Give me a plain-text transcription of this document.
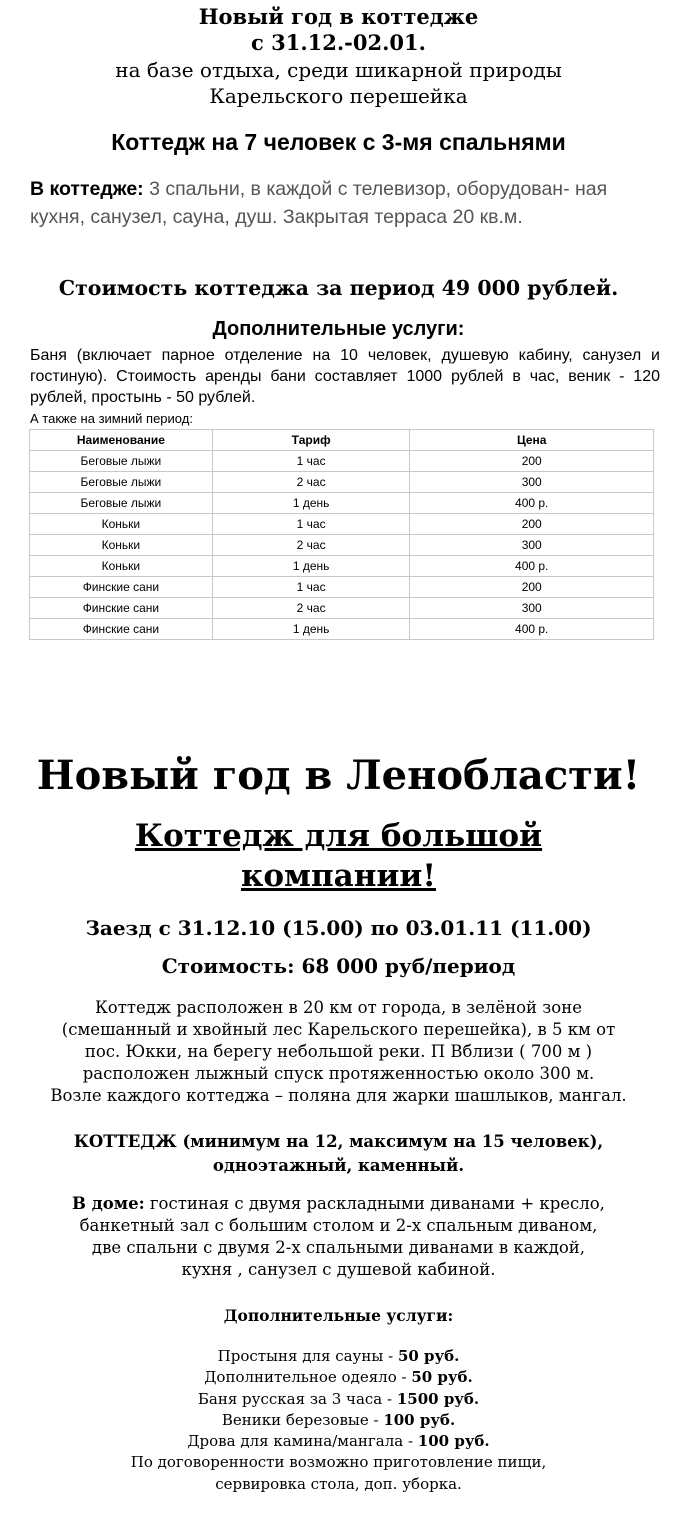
Новый год в коттедже
с 31.12.-02.01.
на базе отдыха, среди шикарной природы
Карельского перешейка
Коттедж на 7 человек с 3-мя спальнями
В коттедже: 3 спальни, в каждой с телевизор, оборудован- ная кухня, санузел, сауна, душ. Закрытая терраса 20 кв.м.
Стоимость коттеджа за период 49 000 рублей.
Дополнительные услуги:
Баня (включает парное отделение на 10 человек, душевую кабину, санузел и гостиную). Стоимость аренды бани составляет 1000 рублей в час, веник - 120 рублей, простынь - 50 рублей.
А также на зимний период:
Наименование	Тариф	Цена
Беговые лыжи	1 час	200
Беговые лыжи	2 час	300
Беговые лыжи	1 день	400 р.
Коньки	1 час	200
Коньки	2 час	300
Коньки	1 день	400 р.
Финские сани	1 час	200
Финские сани	2 час	300
Финские сани	1 день	400 р.
Новый год в Ленобласти!
Коттедж для большой
компании!
Заезд с 31.12.10 (15.00) по 03.01.11 (11.00)
Стоимость: 68 000 руб/период
Коттедж расположен в 20 км от города, в зелёной зоне
(смешанный и хвойный лес Карельского перешейка), в 5 км от
пос. Юкки, на берегу небольшой реки. П Вблизи ( 700 м )
расположен лыжный спуск протяженностью около 300 м.
Возле каждого коттеджа – поляна для жарки шашлыков, мангал.
КОТТЕДЖ (минимум на 12, максимум на 15 человек),
одноэтажный, каменный.
В доме: гостиная с двумя раскладными диванами + кресло,
банкетный зал с большим столом и 2-х спальным диваном,
две спальни с двумя 2-х спальными диванами в каждой,
кухня , санузел с душевой кабиной.
Дополнительные услуги:
Простыня для сауны - 50 руб.
Дополнительное одеяло - 50 руб.
Баня русская за 3 часа - 1500 руб.
Веники березовые - 100 руб.
Дрова для камина/мангала - 100 руб.
По договоренности возможно приготовление пищи,
сервировка стола, доп. уборка.
